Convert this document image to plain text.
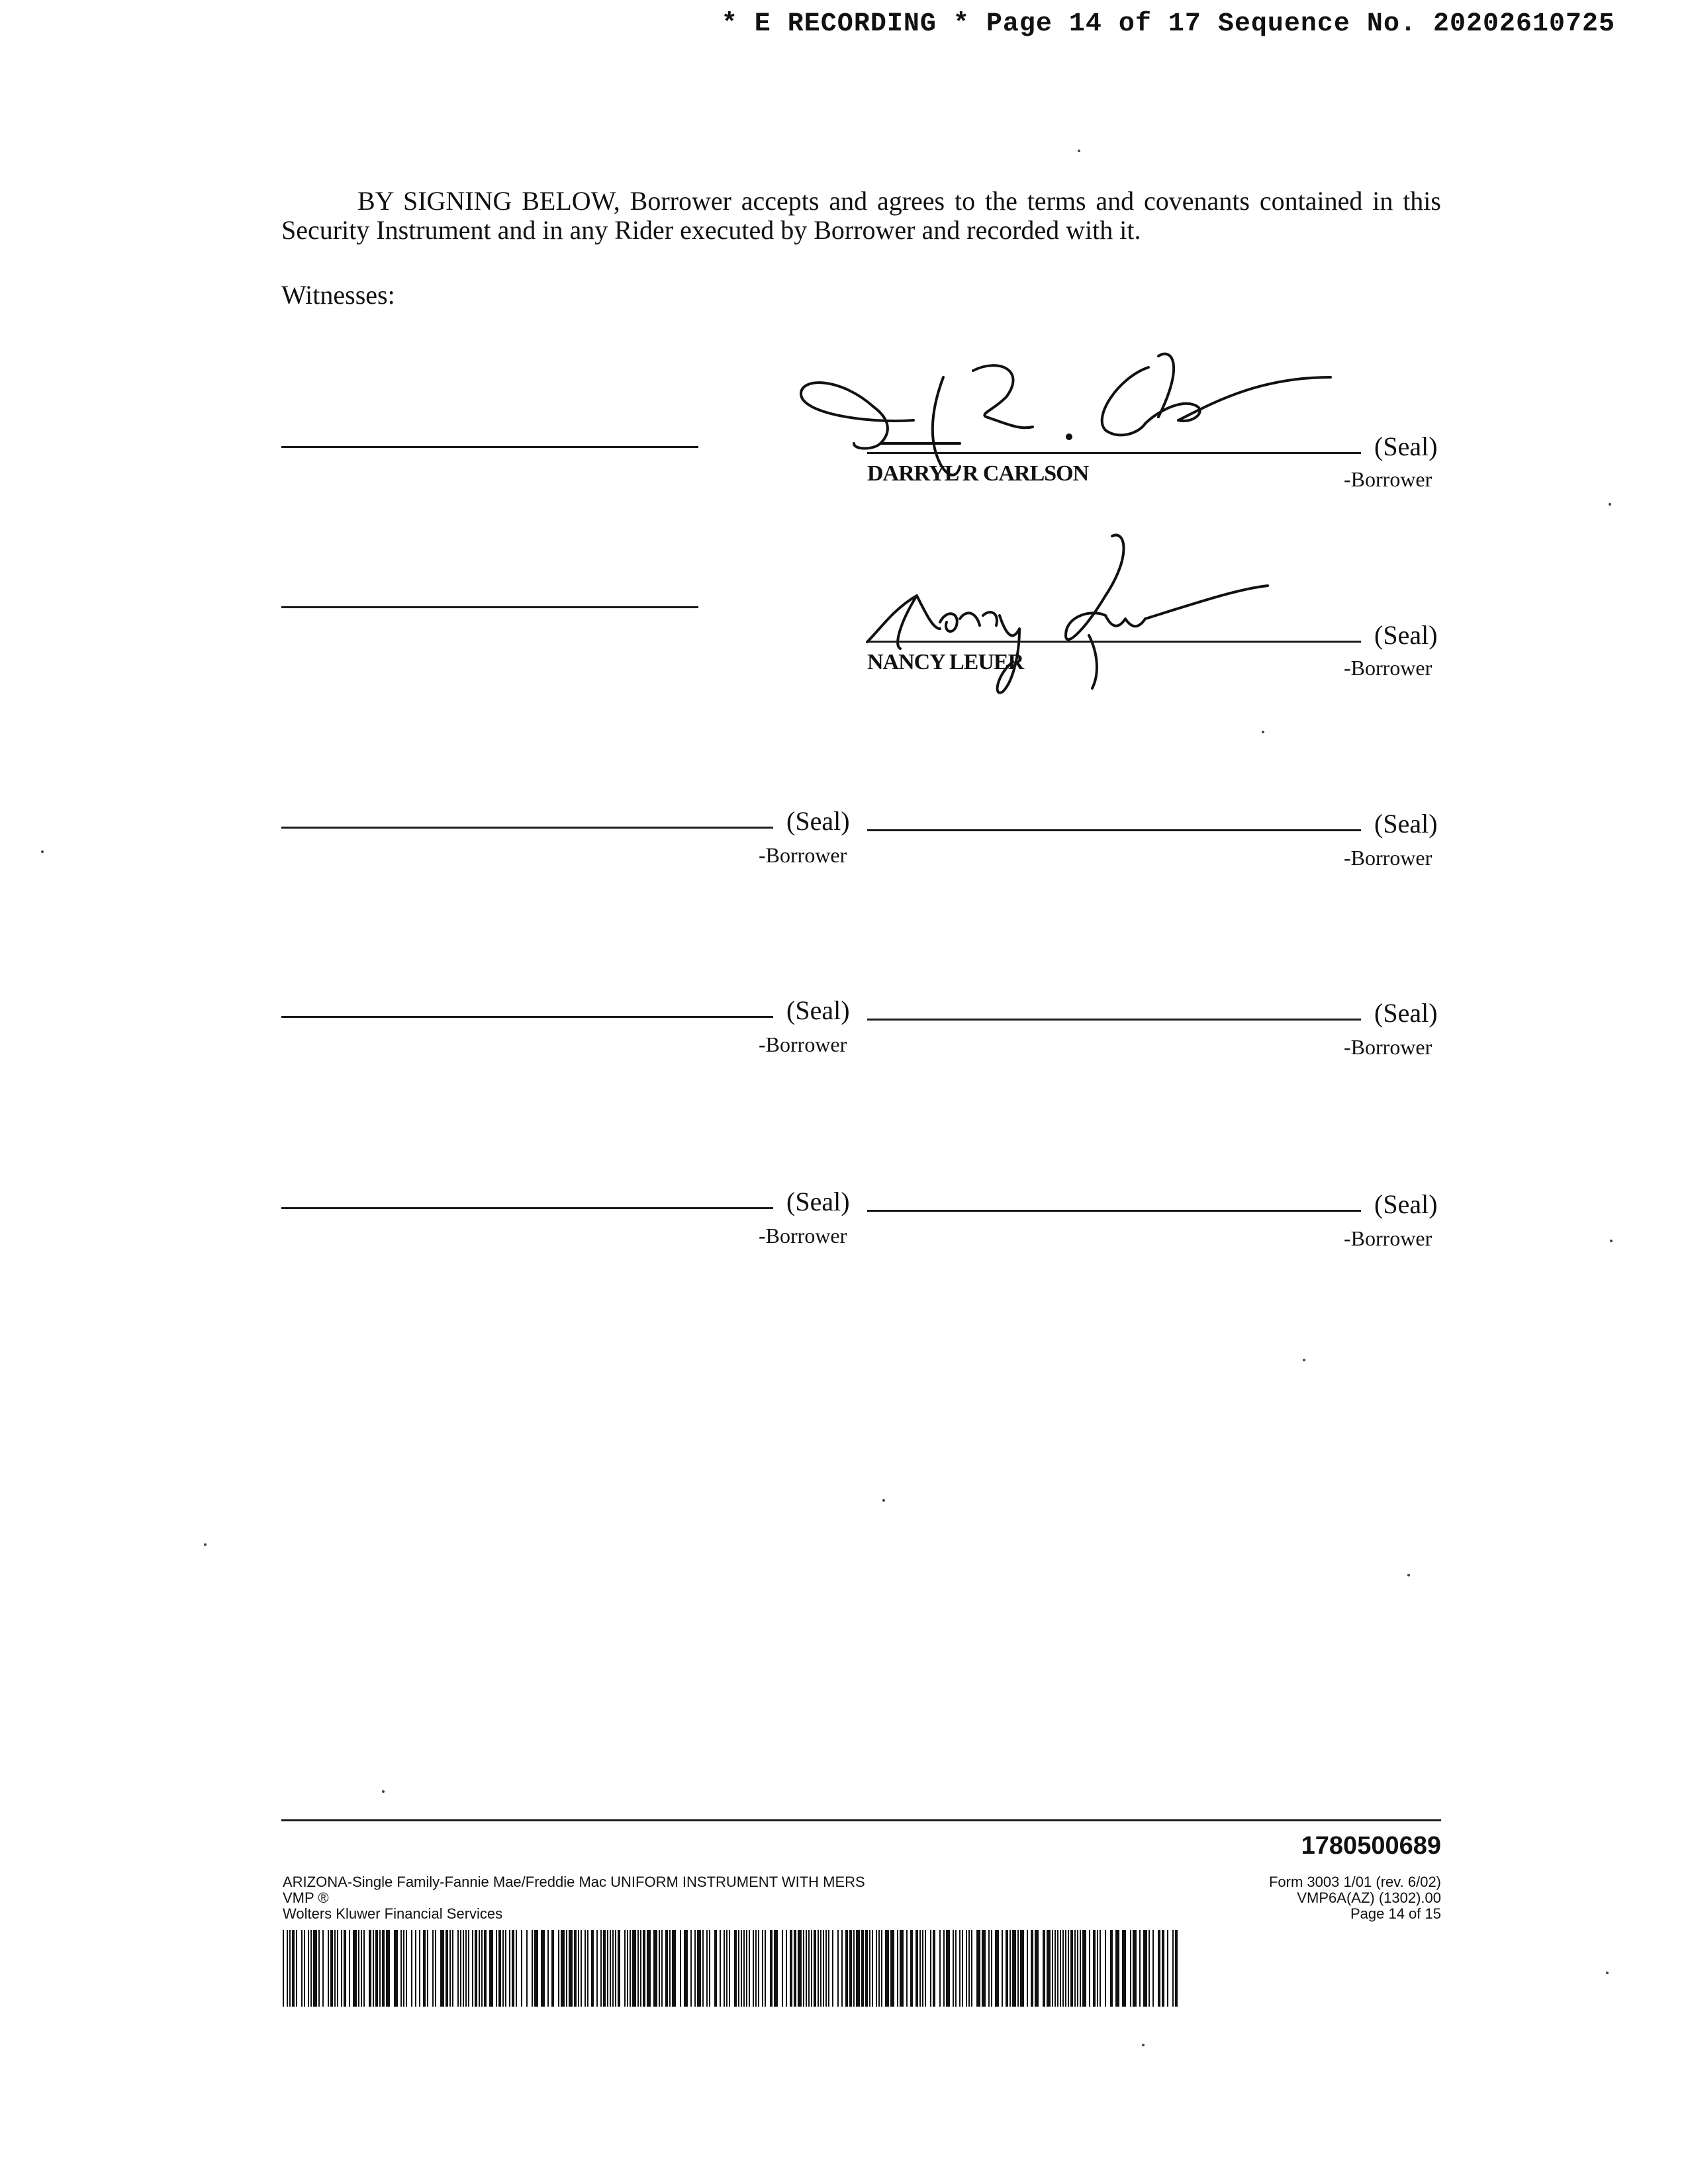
* E RECORDING * Page 14 of 17 Sequence No. 20202610725
BY SIGNING BELOW, Borrower accepts and agrees to the terms and covenants contained in this Security Instrument and in any Rider executed by Borrower and recorded with it.
Witnesses:
(Seal)
DARRYL R CARLSON	-Borrower
(Seal)
NANCY LEUER	-Borrower
(Seal)
-Borrower
(Seal)
-Borrower
(Seal)
-Borrower
(Seal)
-Borrower
(Seal)
-Borrower
(Seal)
-Borrower
1780500689
ARIZONA-Single Family-Fannie Mae/Freddie Mac UNIFORM INSTRUMENT WITH MERS
VMP ®
Wolters Kluwer Financial Services
Form 3003 1/01 (rev. 6/02)
VMP6A(AZ) (1302).00
Page 14 of 15
